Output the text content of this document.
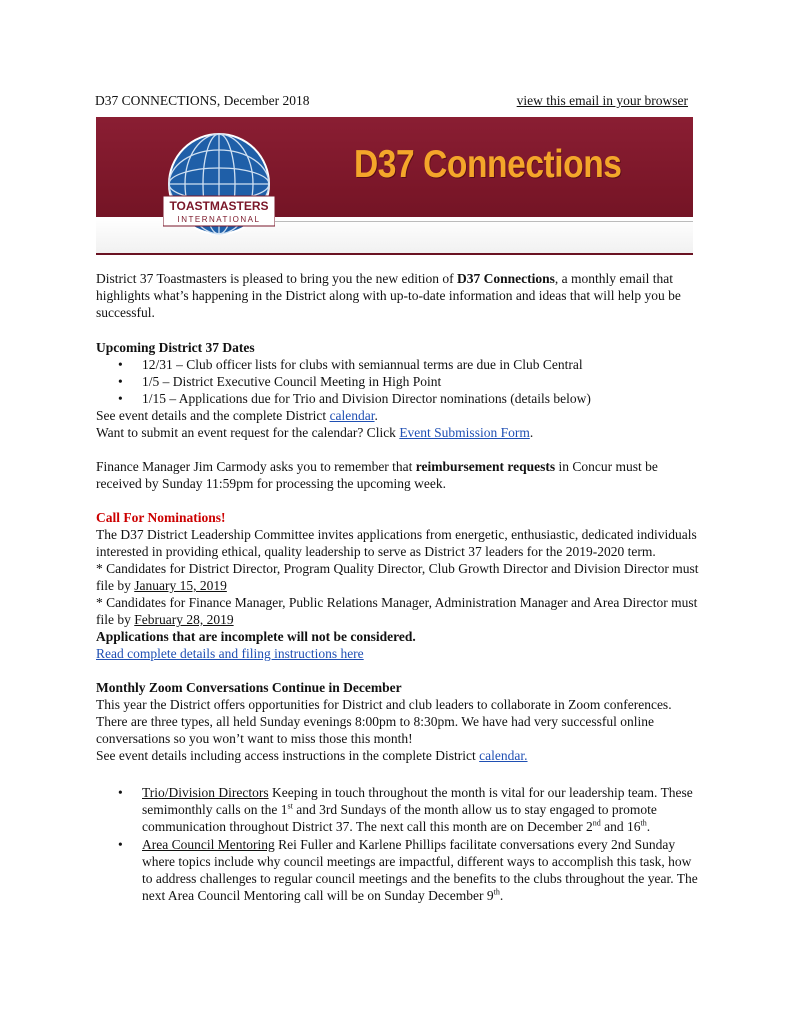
D37 CONNECTIONS, December 2018	view this email in your browser
D37 Connections
TOASTMASTERS
INTERNATIONAL

District 37 Toastmasters is pleased to bring you the new edition of D37 Connections, a monthly email that highlights what’s happening in the District along with up-to-date information and ideas that will help you be successful.

Upcoming District 37 Dates

• 12/31 – Club officer lists for clubs with semiannual terms are due in Club Central
• 1/5 – District Executive Council Meeting in High Point
• 1/15 – Applications due for Trio and Division Director nominations (details below)

See event details and the complete District calendar.

Want to submit an event request for the calendar? Click Event Submission Form.

Finance Manager Jim Carmody asks you to remember that reimbursement requests in Concur must be received by Sunday 11:59pm for processing the upcoming week.

Call For Nominations!

The D37 District Leadership Committee invites applications from energetic, enthusiastic, dedicated individuals interested in providing ethical, quality leadership to serve as District 37 leaders for the 2019-2020 term.

* Candidates for District Director, Program Quality Director, Club Growth Director and Division Director must file by January 15, 2019

* Candidates for Finance Manager, Public Relations Manager, Administration Manager and Area Director must file by February 28, 2019

Applications that are incomplete will not be considered.

Read complete details and filing instructions here

Monthly Zoom Conversations Continue in December

This year the District offers opportunities for District and club leaders to collaborate in Zoom conferences. There are three types, all held Sunday evenings 8:00pm to 8:30pm. We have had very successful online conversations so you won’t want to miss those this month!

See event details including access instructions in the complete District calendar.

• Trio/Division Directors Keeping in touch throughout the month is vital for our leadership team. These semimonthly calls on the 1st and 3rd Sundays of the month allow us to stay engaged to promote communication throughout District 37. The next call this month are on December 2nd and 16th.
• Area Council Mentoring Rei Fuller and Karlene Phillips facilitate conversations every 2nd Sunday where topics include why council meetings are impactful, different ways to accomplish this task, how to address challenges to regular council meetings and the benefits to the clubs throughout the year. The next Area Council Mentoring call will be on Sunday December 9th.
